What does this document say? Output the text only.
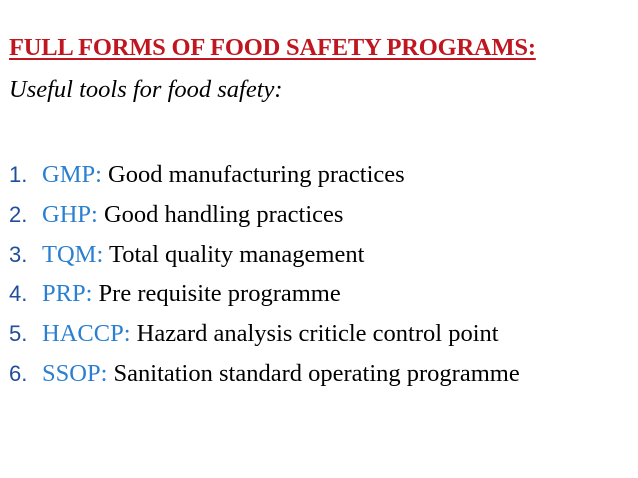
FULL FORMS OF FOOD SAFETY PROGRAMS:
Useful tools for food safety:
1. GMP: Good manufacturing practices
2. GHP: Good handling practices
3. TQM: Total quality management
4. PRP: Pre requisite programme
5. HACCP: Hazard analysis criticle control point
6. SSOP: Sanitation standard operating programme
